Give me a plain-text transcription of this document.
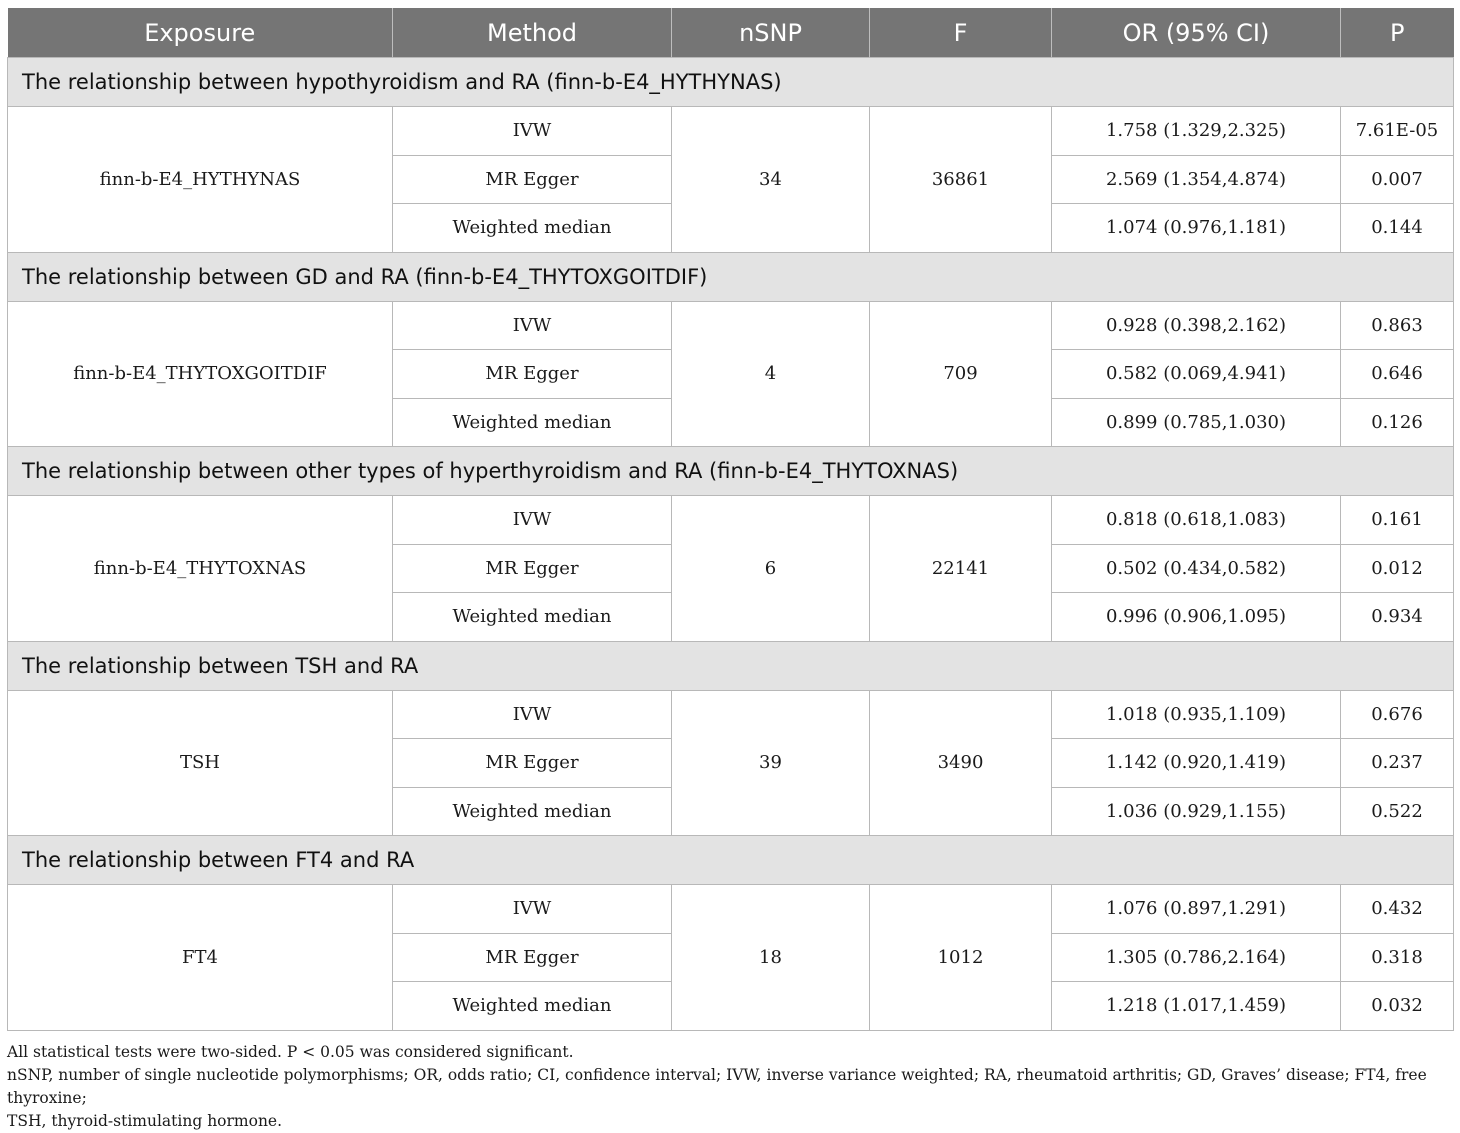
Exposure	Method	nSNP	F	OR (95% CI)	P
The relationship between hypothyroidism and RA (finn-b-E4_HYTHYNAS)					
finn-b-E4_HYTHYNAS	IVW	34	36861	1.758 (1.329,2.325)	7.61E-05
	MR Egger			2.569 (1.354,4.874)	0.007
	Weighted median			1.074 (0.976,1.181)	0.144
The relationship between GD and RA (finn-b-E4_THYTOXGOITDIF)					
finn-b-E4_THYTOXGOITDIF	IVW	4	709	0.928 (0.398,2.162)	0.863
	MR Egger			0.582 (0.069,4.941)	0.646
	Weighted median			0.899 (0.785,1.030)	0.126
The relationship between other types of hyperthyroidism and RA (finn-b-E4_THYTOXNAS)					
finn-b-E4_THYTOXNAS	IVW	6	22141	0.818 (0.618,1.083)	0.161
	MR Egger			0.502 (0.434,0.582)	0.012
	Weighted median			0.996 (0.906,1.095)	0.934
The relationship between TSH and RA					
TSH	IVW	39	3490	1.018 (0.935,1.109)	0.676
	MR Egger			1.142 (0.920,1.419)	0.237
	Weighted median			1.036 (0.929,1.155)	0.522
The relationship between FT4 and RA					
FT4	IVW	18	1012	1.076 (0.897,1.291)	0.432
	MR Egger			1.305 (0.786,2.164)	0.318
	Weighted median			1.218 (1.017,1.459)	0.032
All statistical tests were two-sided. P < 0.05 was considered significant.
nSNP, number of single nucleotide polymorphisms; OR, odds ratio; CI, confidence interval; IVW, inverse variance weighted; RA, rheumatoid arthritis; GD, Graves’ disease; FT4, free thyroxine;
TSH, thyroid-stimulating hormone.
